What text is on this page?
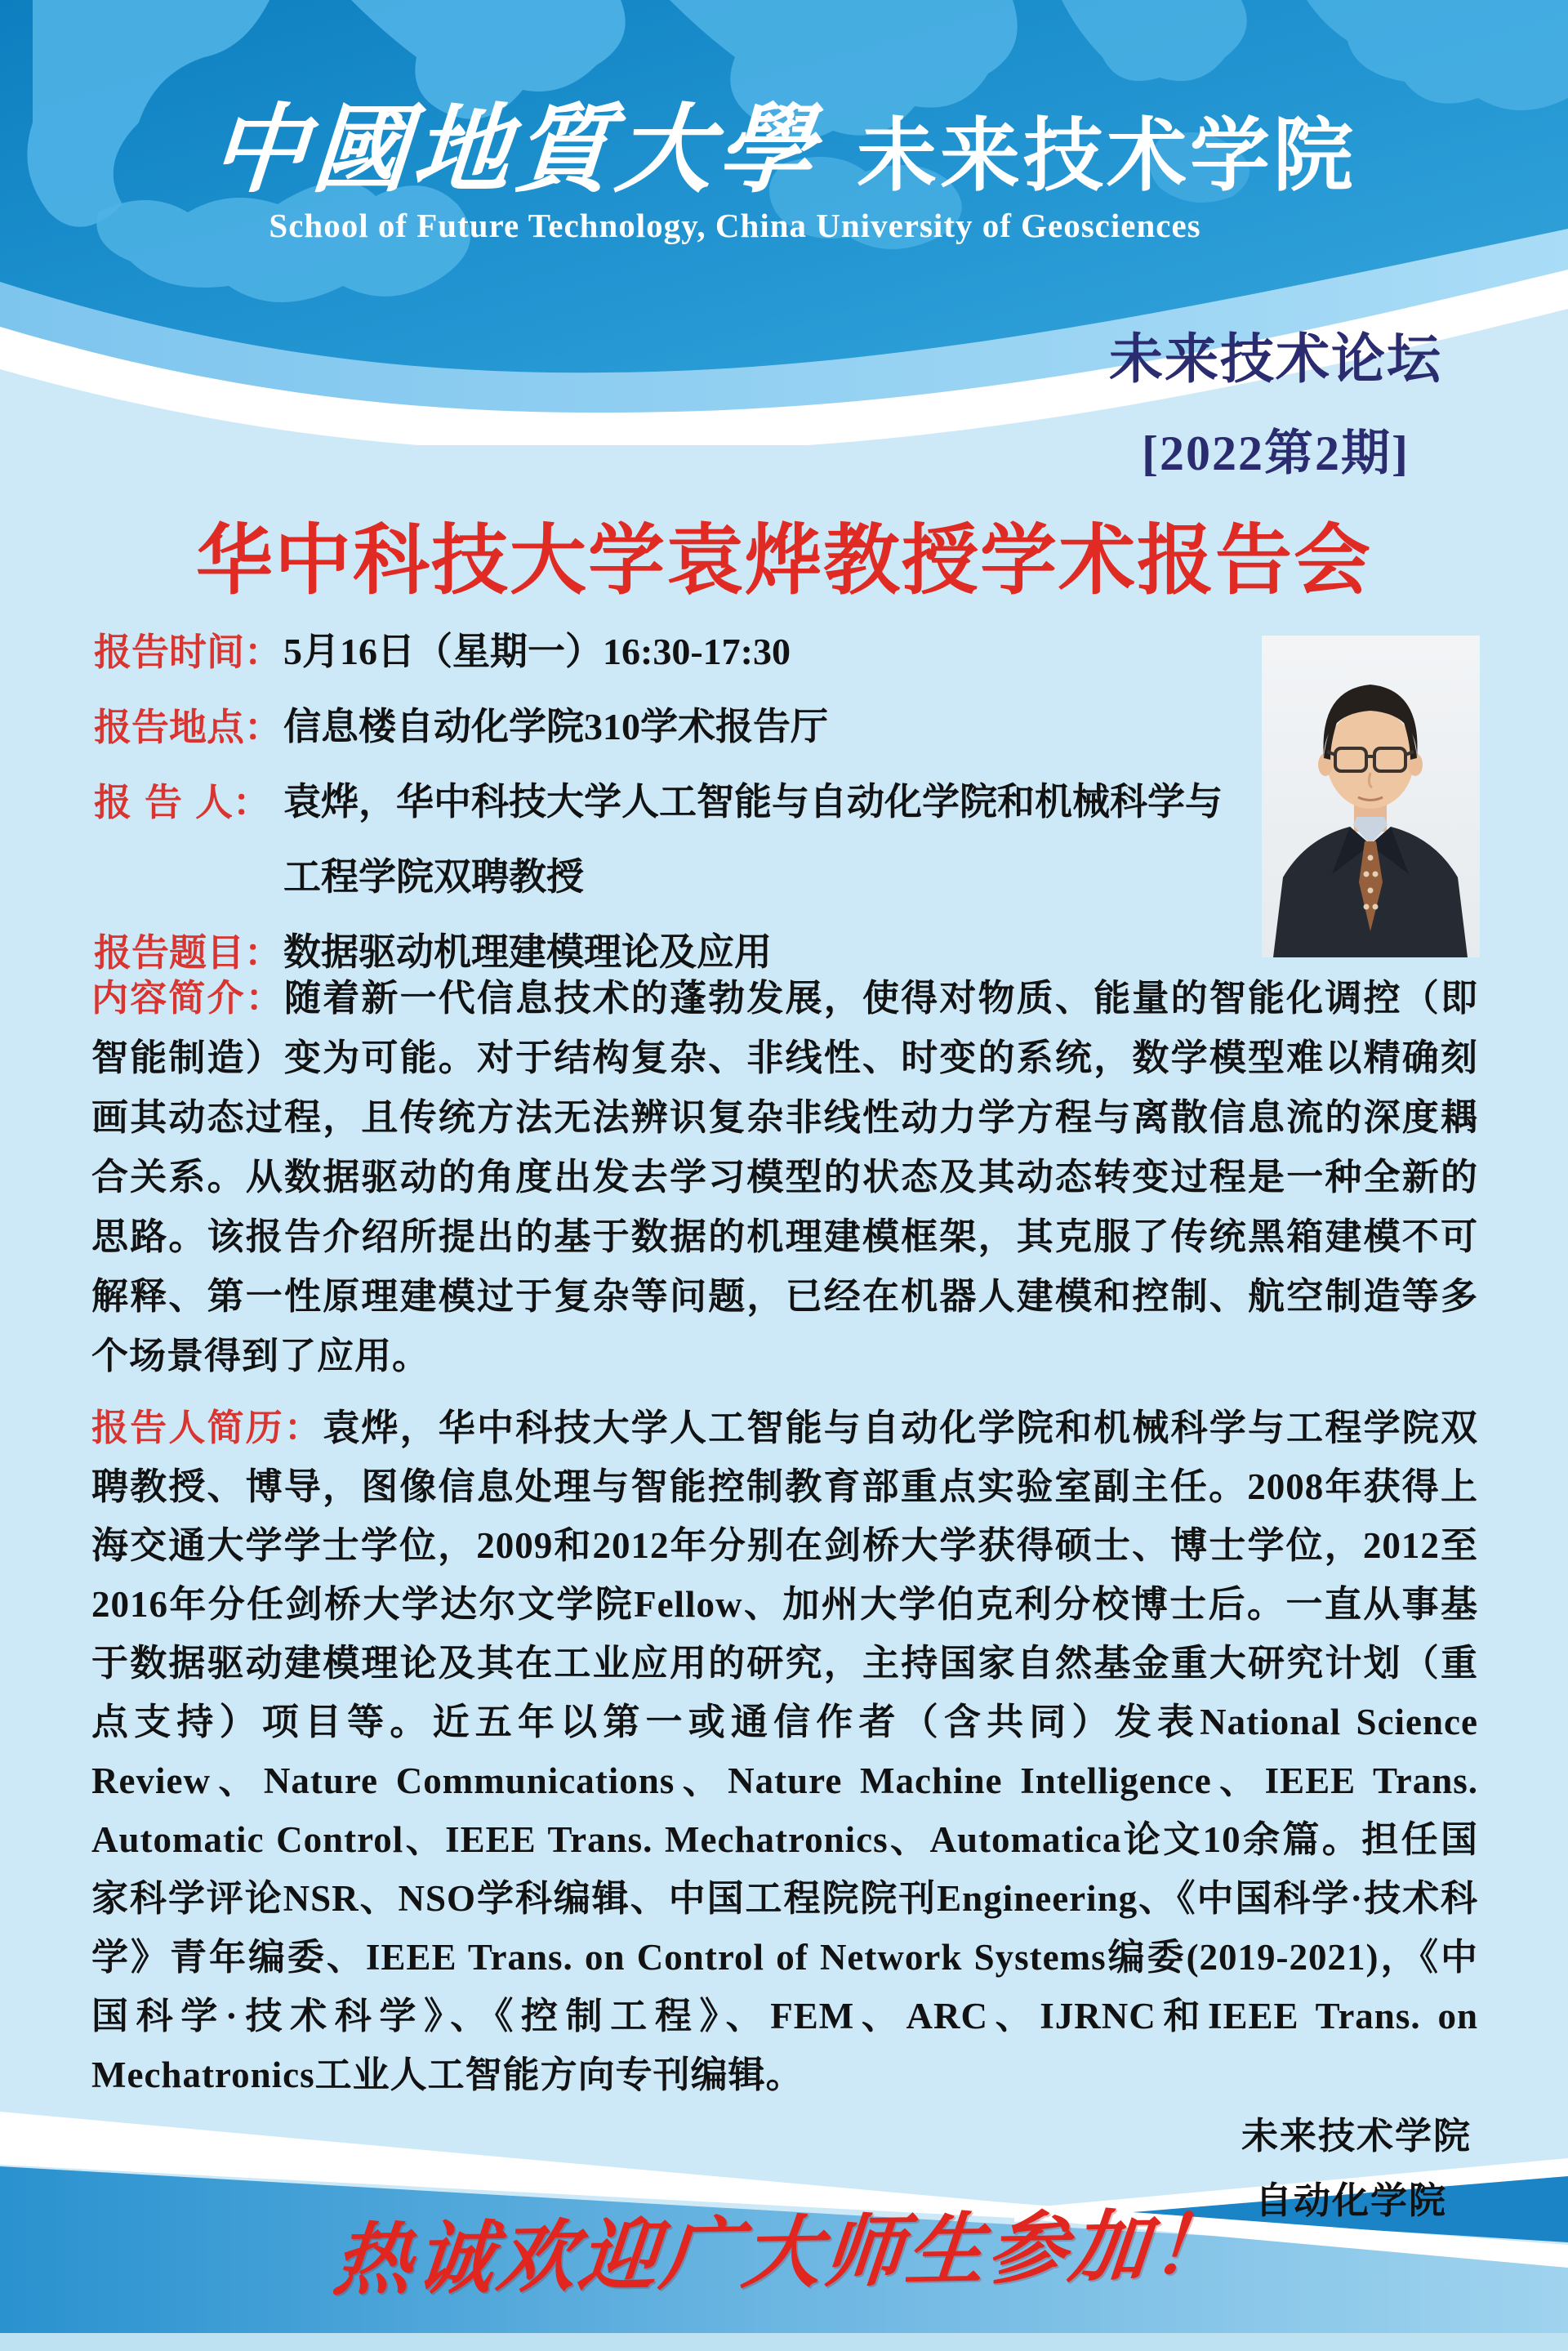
中國地質大學 未来技术学院
School of Future Technology, China University of Geosciences
未来技术论坛
[2022第2期]
华中科技大学袁烨教授学术报告会
报告时间： 5月16日（星期一）16:30-17:30
报告地点： 信息楼自动化学院310学术报告厅
报 告 人： 袁烨，华中科技大学人工智能与自动化学院和机械科学与工程学院双聘教授
报告题目： 数据驱动机理建模理论及应用

内容简介：随着新一代信息技术的蓬勃发展，使得对物质、能量的智能化调控（即智能制造）变为可能。对于结构复杂、非线性、时变的系统，数学模型难以精确刻画其动态过程，且传统方法无法辨识复杂非线性动力学方程与离散信息流的深度耦合关系。从数据驱动的角度出发去学习模型的状态及其动态转变过程是一种全新的思路。该报告介绍所提出的基于数据的机理建模框架，其克服了传统黑箱建模不可解释、第一性原理建模过于复杂等问题，已经在机器人建模和控制、航空制造等多个场景得到了应用。

报告人简历：袁烨，华中科技大学人工智能与自动化学院和机械科学与工程学院双聘教授、博导，图像信息处理与智能控制教育部重点实验室副主任。2008年获得上海交通大学学士学位，2009和2012年分别在剑桥大学获得硕士、博士学位，2012至2016年分任剑桥大学达尔文学院Fellow、加州大学伯克利分校博士后。一直从事基于数据驱动建模理论及其在工业应用的研究，主持国家自然基金重大研究计划（重点支持）项目等。近五年以第一或通信作者（含共同）发表National Science Review、Nature Communications、Nature Machine Intelligence、IEEE Trans. Automatic Control、IEEE Trans. Mechatronics、Automatica论文10余篇。担任国家科学评论NSR、NSO学科编辑、中国工程院院刊Engineering、《中国科学·技术科学》青年编委、IEEE Trans. on Control of Network Systems编委(2019-2021)，《中国科学·技术科学》、《控制工程》、FEM、ARC、IJRNC和IEEE Trans. on Mechatronics工业人工智能方向专刊编辑。

未来技术学院
自动化学院
热诚欢迎广大师生参加！
